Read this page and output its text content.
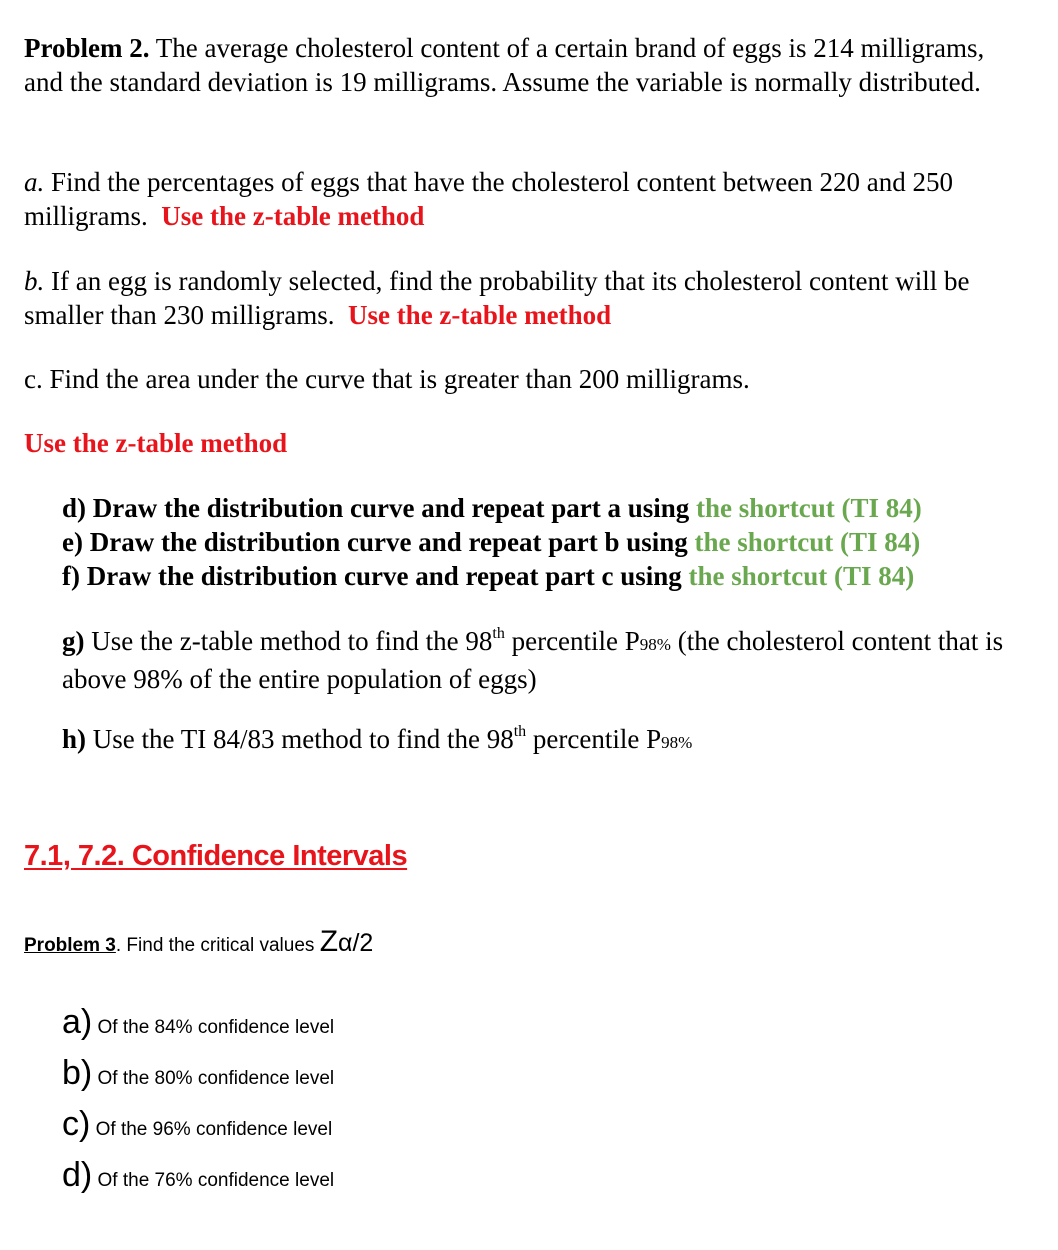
Problem 2. The average cholesterol content of a certain brand of eggs is 214 milligrams, and the standard deviation is 19 milligrams. Assume the variable is normally distributed.
a. Find the percentages of eggs that have the cholesterol content between 220 and 250 milligrams. Use the z-table method
b. If an egg is randomly selected, find the probability that its cholesterol content will be smaller than 230 milligrams. Use the z-table method
c. Find the area under the curve that is greater than 200 milligrams.
Use the z-table method
d) Draw the distribution curve and repeat part a using the shortcut (TI 84)
e) Draw the distribution curve and repeat part b using the shortcut (TI 84)
f) Draw the distribution curve and repeat part c using the shortcut (TI 84)
g) Use the z-table method to find the 98th percentile P98% (the cholesterol content that is above 98% of the entire population of eggs)
h) Use the TI 84/83 method to find the 98th percentile P98%
7.1, 7.2. Confidence Intervals
Problem 3. Find the critical values Zα/2
a) Of the 84% confidence level
b) Of the 80% confidence level
c) Of the 96% confidence level
d) Of the 76% confidence level
